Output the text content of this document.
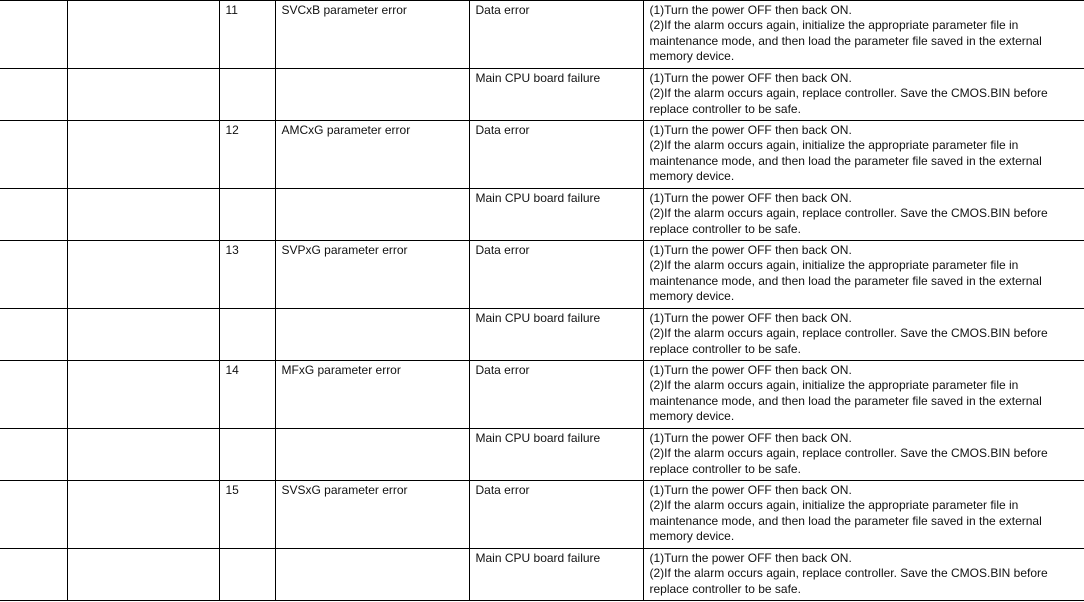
		11	SVCxB parameter error	Data error	(1)Turn the power OFF then back ON.
(2)If the alarm occurs again, initialize the appropriate parameter file in
maintenance mode, and then load the parameter file saved in the external
memory device.

				Main CPU board failure	(1)Turn the power OFF then back ON.
(2)If the alarm occurs again, replace controller. Save the CMOS.BIN before
replace controller to be safe.

		12	AMCxG parameter error	Data error	(1)Turn the power OFF then back ON.
(2)If the alarm occurs again, initialize the appropriate parameter file in
maintenance mode, and then load the parameter file saved in the external
memory device.

				Main CPU board failure	(1)Turn the power OFF then back ON.
(2)If the alarm occurs again, replace controller. Save the CMOS.BIN before
replace controller to be safe.

		13	SVPxG parameter error	Data error	(1)Turn the power OFF then back ON.
(2)If the alarm occurs again, initialize the appropriate parameter file in
maintenance mode, and then load the parameter file saved in the external
memory device.

				Main CPU board failure	(1)Turn the power OFF then back ON.
(2)If the alarm occurs again, replace controller. Save the CMOS.BIN before
replace controller to be safe.

		14	MFxG parameter error	Data error	(1)Turn the power OFF then back ON.
(2)If the alarm occurs again, initialize the appropriate parameter file in
maintenance mode, and then load the parameter file saved in the external
memory device.

				Main CPU board failure	(1)Turn the power OFF then back ON.
(2)If the alarm occurs again, replace controller. Save the CMOS.BIN before
replace controller to be safe.

		15	SVSxG parameter error	Data error	(1)Turn the power OFF then back ON.
(2)If the alarm occurs again, initialize the appropriate parameter file in
maintenance mode, and then load the parameter file saved in the external
memory device.

				Main CPU board failure	(1)Turn the power OFF then back ON.
(2)If the alarm occurs again, replace controller. Save the CMOS.BIN before
replace controller to be safe.
